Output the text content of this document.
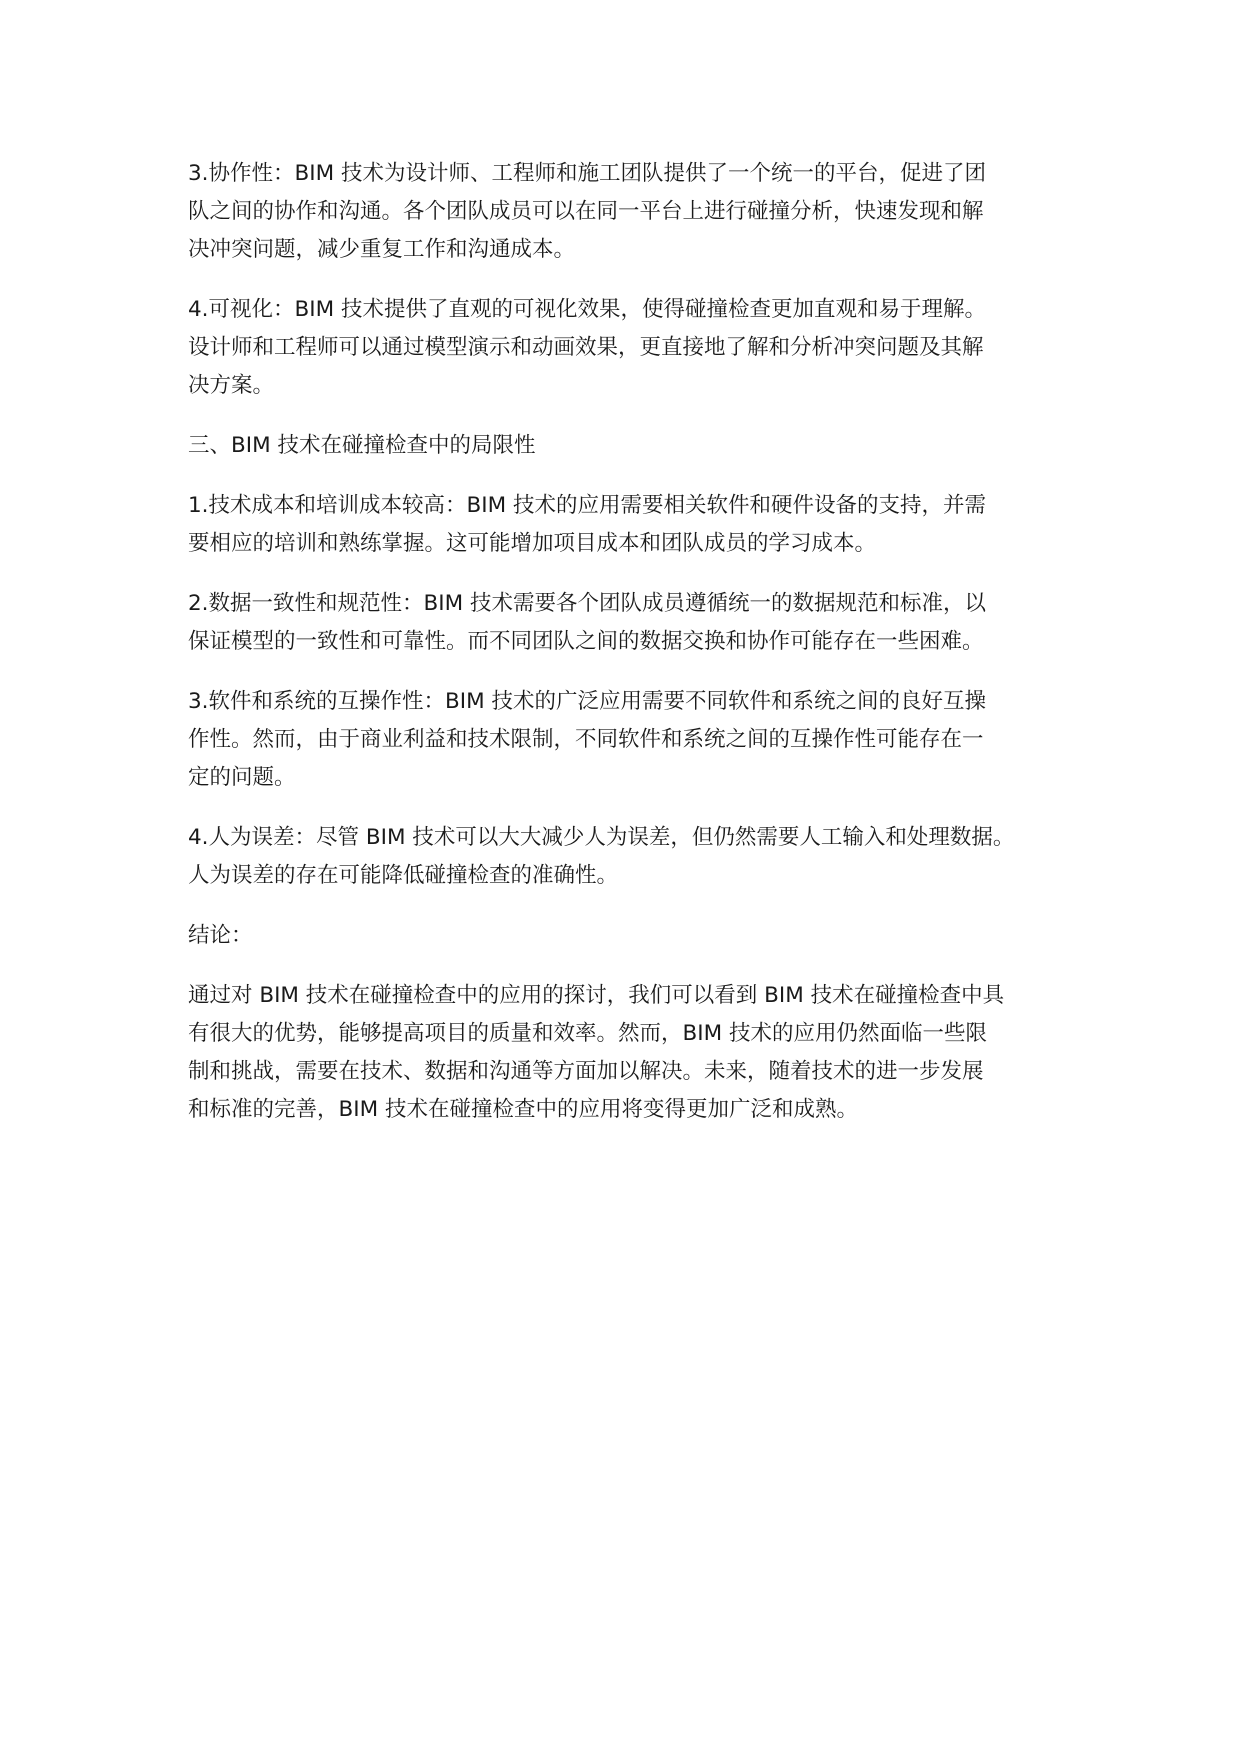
3.协作性：BIM 技术为设计师、工程师和施工团队提供了一个统一的平台，促进了团
队之间的协作和沟通。各个团队成员可以在同一平台上进行碰撞分析，快速发现和解
决冲突问题，减少重复工作和沟通成本。

4.可视化：BIM 技术提供了直观的可视化效果，使得碰撞检查更加直观和易于理解。
设计师和工程师可以通过模型演示和动画效果，更直接地了解和分析冲突问题及其解
决方案。

三、BIM 技术在碰撞检查中的局限性

1.技术成本和培训成本较高：BIM 技术的应用需要相关软件和硬件设备的支持，并需
要相应的培训和熟练掌握。这可能增加项目成本和团队成员的学习成本。

2.数据一致性和规范性：BIM 技术需要各个团队成员遵循统一的数据规范和标准，以
保证模型的一致性和可靠性。而不同团队之间的数据交换和协作可能存在一些困难。

3.软件和系统的互操作性：BIM 技术的广泛应用需要不同软件和系统之间的良好互操
作性。然而，由于商业利益和技术限制，不同软件和系统之间的互操作性可能存在一
定的问题。

4.人为误差：尽管 BIM 技术可以大大减少人为误差，但仍然需要人工输入和处理数据。
人为误差的存在可能降低碰撞检查的准确性。

结论：

通过对 BIM 技术在碰撞检查中的应用的探讨，我们可以看到 BIM 技术在碰撞检查中具
有很大的优势，能够提高项目的质量和效率。然而，BIM 技术的应用仍然面临一些限
制和挑战，需要在技术、数据和沟通等方面加以解决。未来，随着技术的进一步发展
和标准的完善，BIM 技术在碰撞检查中的应用将变得更加广泛和成熟。
